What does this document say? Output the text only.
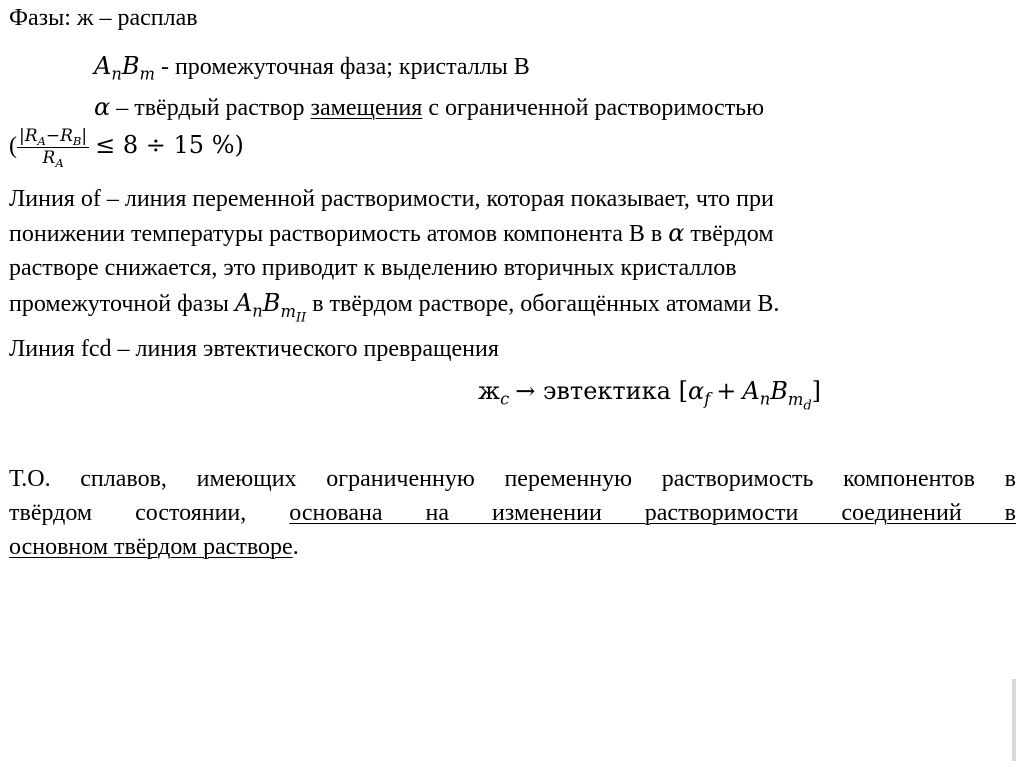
Фазы: ж – расплав
$A_nB_m$ - промежуточная фаза; кристаллы В
α – твёрдый раствор замещения с ограниченной растворимостью
( $\frac{|R_A-R_B|}{R_A} \le 8 \div 15$ %)
Линия of – линия переменной растворимости, которая показывает, что при
понижении температуры растворимость атомов компонента В в α твёрдом
растворе снижается, это приводит к выделению вторичных кристаллов
промежуточной фазы $A_nB_{m_{II}}$ в твёрдом растворе, обогащённых атомами В.
Линия fcd – линия эвтектического превращения
$ж_c$ → эвтектика $[\alpha_f + A_nB_{m_d}]$
Т.О. сплавов, имеющих ограниченную переменную растворимость компонентов в
твёрдом состоянии, основана на изменении растворимости соединений в
основном твёрдом растворе.
